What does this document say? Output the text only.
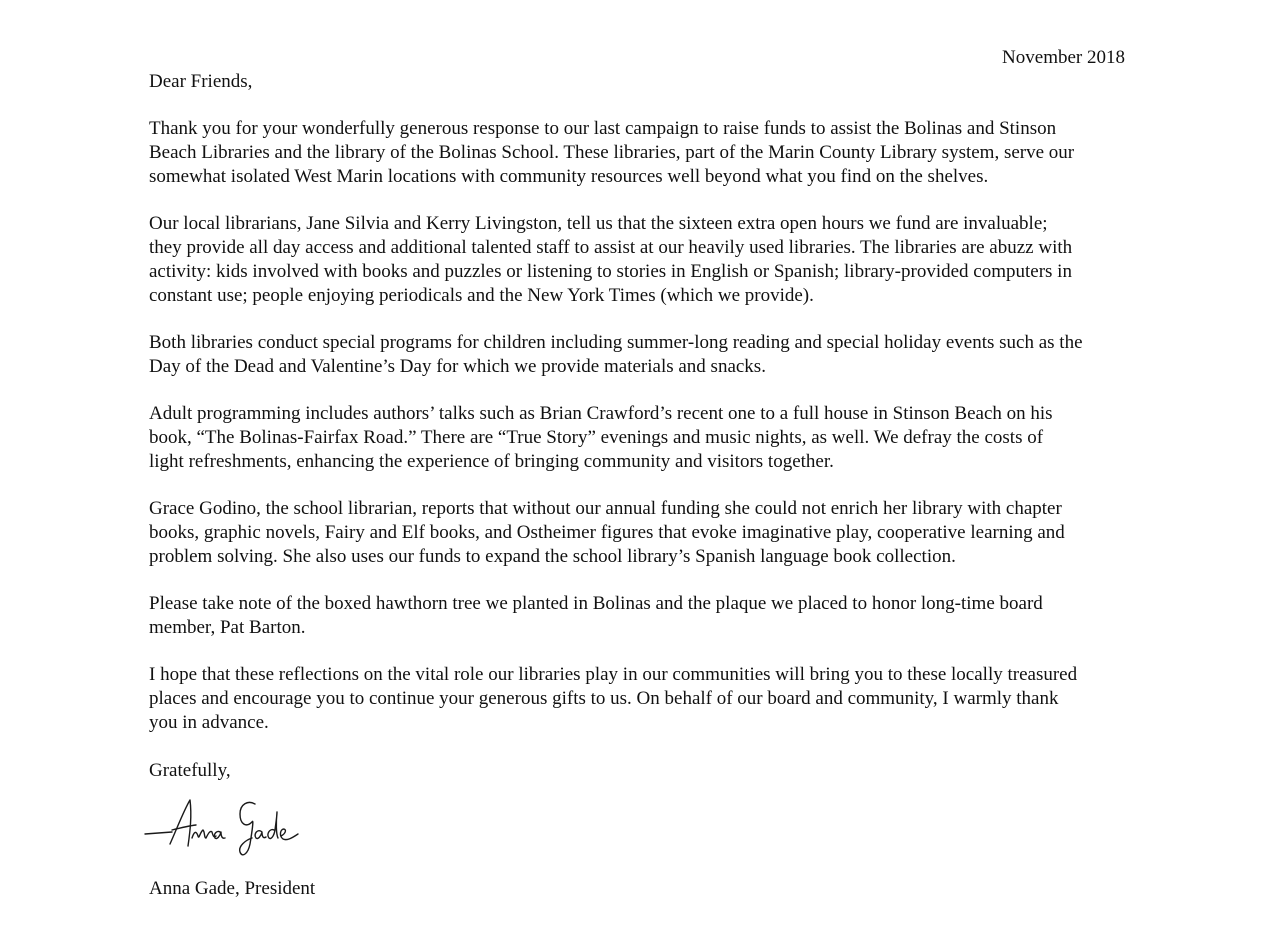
November 2018

Dear Friends,

Thank you for your wonderfully generous response to our last campaign to raise funds to assist the Bolinas and Stinson
Beach Libraries and the library of the Bolinas School. These libraries, part of the Marin County Library system, serve our
somewhat isolated West Marin locations with community resources well beyond what you find on the shelves.

Our local librarians, Jane Silvia and Kerry Livingston, tell us that the sixteen extra open hours we fund are invaluable;
they provide all day access and additional talented staff to assist at our heavily used libraries. The libraries are abuzz with
activity: kids involved with books and puzzles or listening to stories in English or Spanish; library-provided computers in
constant use; people enjoying periodicals and the New York Times (which we provide).

Both libraries conduct special programs for children including summer-long reading and special holiday events such as the
Day of the Dead and Valentine’s Day for which we provide materials and snacks.

Adult programming includes authors’ talks such as Brian Crawford’s recent one to a full house in Stinson Beach on his
book, “The Bolinas-Fairfax Road.” There are “True Story” evenings and music nights, as well. We defray the costs of
light refreshments, enhancing the experience of bringing community and visitors together.

Grace Godino, the school librarian, reports that without our annual funding she could not enrich her library with chapter
books, graphic novels, Fairy and Elf books, and Ostheimer figures that evoke imaginative play, cooperative learning and
problem solving. She also uses our funds to expand the school library’s Spanish language book collection.

Please take note of the boxed hawthorn tree we planted in Bolinas and the plaque we placed to honor long-time board
member, Pat Barton.

I hope that these reflections on the vital role our libraries play in our communities will bring you to these locally treasured
places and encourage you to continue your generous gifts to us. On behalf of our board and community, I warmly thank
you in advance.

Gratefully,
Anna Gade, President
